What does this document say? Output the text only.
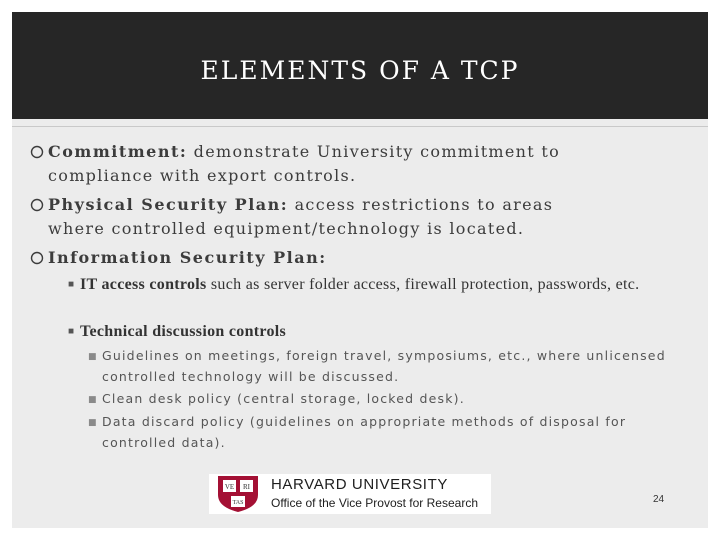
ELEMENTS OF A TCP
Commitment: demonstrate University commitment to compliance with export controls.
Physical Security Plan: access restrictions to areas where controlled equipment/technology is located.
Information Security Plan:
■ IT access controls such as server folder access, firewall protection, passwords, etc.
■ Technical discussion controls
■ Guidelines on meetings, foreign travel, symposiums, etc., where unlicensed controlled technology will be discussed.
■ Clean desk policy (central storage, locked desk).
■ Data discard policy (guidelines on appropriate methods of disposal for controlled data).
VE RI
TAS
HARVARD UNIVERSITY
Office of the Vice Provost for Research	24
